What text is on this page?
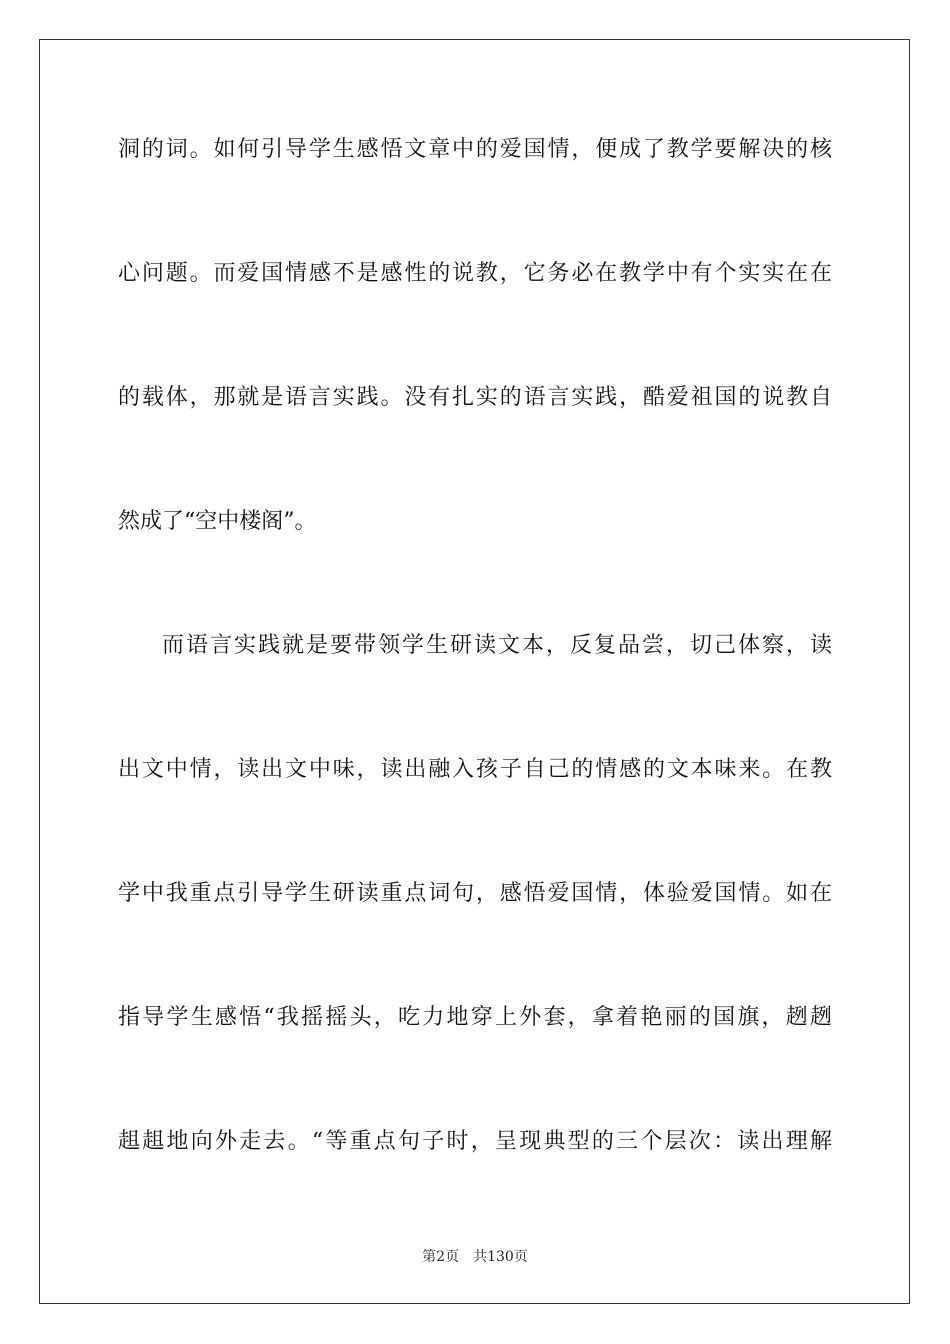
洞的词。如何引导学生感悟文章中的爱国情，便成了教学要解决的核
心问题。而爱国情感不是感性的说教，它务必在教学中有个实实在在
的载体，那就是语言实践。没有扎实的语言实践，酷爱祖国的说教自
然成了“空中楼阁”。
而语言实践就是要带领学生研读文本，反复品尝，切己体察，读
出文中情，读出文中味，读出融入孩子自己的情感的文本味来。在教
学中我重点引导学生研读重点词句，感悟爱国情，体验爱国情。如在
指导学生感悟“我摇摇头，吃力地穿上外套，拿着艳丽的国旗，趔趔
趄趄地向外走去。“等重点句子时，呈现典型的三个层次：读出理解
第2页 共130页
